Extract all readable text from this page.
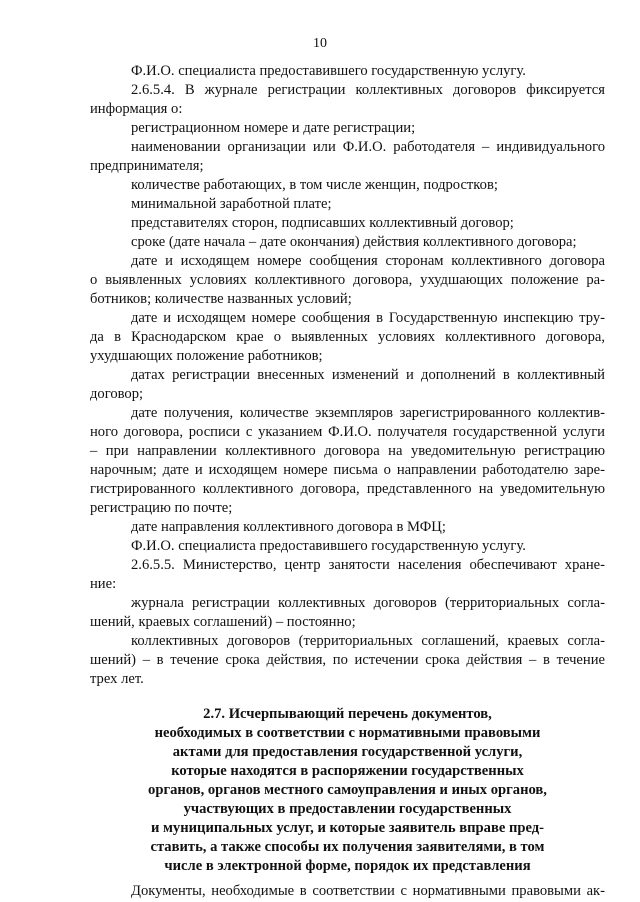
10
Ф.И.О. специалиста предоставившего государственную услугу.
2.6.5.4. В журнале регистрации коллективных договоров фиксируется
информация о:
регистрационном номере и дате регистрации;
наименовании организации или Ф.И.О. работодателя – индивидуального
предпринимателя;
количестве работающих, в том числе женщин, подростков;
минимальной заработной плате;
представителях сторон, подписавших коллективный договор;
сроке (дате начала – дате окончания) действия коллективного договора;
дате и исходящем номере сообщения сторонам коллективного договора
о выявленных условиях коллективного договора, ухудшающих положение ра-
ботников; количестве названных условий;
дате и исходящем номере сообщения в Государственную инспекцию тру-
да в Краснодарском крае о выявленных условиях коллективного договора,
ухудшающих положение работников;
датах регистрации внесенных изменений и дополнений в коллективный
договор;
дате получения, количестве экземпляров зарегистрированного коллектив-
ного договора, росписи с указанием Ф.И.О. получателя государственной услуги
– при направлении коллективного договора на уведомительную регистрацию
нарочным; дате и исходящем номере письма о направлении работодателю заре-
гистрированного коллективного договора, представленного на уведомительную
регистрацию по почте;
дате направления коллективного договора в МФЦ;
Ф.И.О. специалиста предоставившего государственную услугу.
2.6.5.5. Министерство, центр занятости населения обеспечивают хране-
ние:
журнала регистрации коллективных договоров (территориальных согла-
шений, краевых соглашений) – постоянно;
коллективных договоров (территориальных соглашений, краевых согла-
шений) – в течение срока действия, по истечении срока действия – в течение
трех лет.
2.7. Исчерпывающий перечень документов,
необходимых в соответствии с нормативными правовыми
актами для предоставления государственной услуги,
которые находятся в распоряжении государственных
органов, органов местного самоуправления и иных органов,
участвующих в предоставлении государственных
и муниципальных услуг, и которые заявитель вправе пред-
ставить, а также способы их получения заявителями, в том
числе в электронной форме, порядок их представления
Документы, необходимые в соответствии с нормативными правовыми ак-
